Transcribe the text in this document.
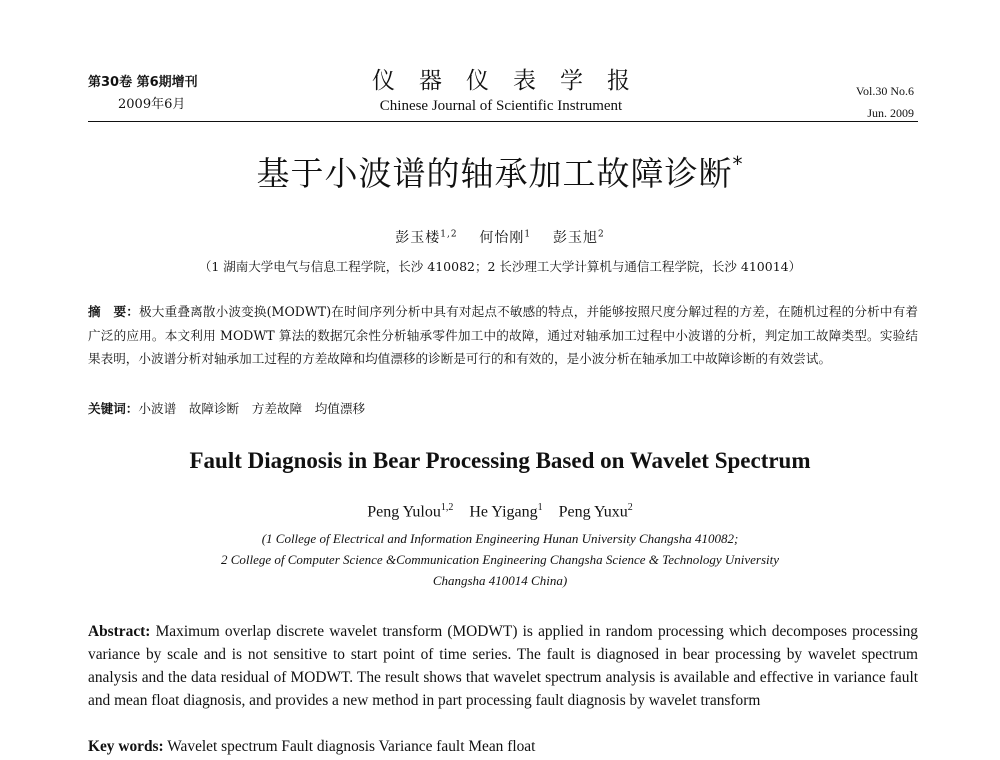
第30卷 第6期增刊
2009年6月
仪器仪表学报
Chinese Journal of Scientific Instrument
Vol.30 No.6
Jun. 2009
基于小波谱的轴承加工故障诊断*
彭玉楼$^{1,2}$ 何怡刚$^1$ 彭玉旭$^2$
（1 湖南大学电气与信息工程学院，长沙 410082；2 长沙理工大学计算机与通信工程学院，长沙 410014）
摘　要：极大重叠离散小波变换(MODWT)在时间序列分析中具有对起点不敏感的特点，并能够按照尺度分解过程的方差，在随机过程的分析中有着广泛的应用。本文利用 MODWT 算法的数据冗余性分析轴承零件加工中的故障，通过对轴承加工过程中小波谱的分析，判定加工故障类型。实验结果表明，小波谱分析对轴承加工过程的方差故障和均值漂移的诊断是可行的和有效的，是小波分析在轴承加工中故障诊断的有效尝试。
关键词：小波谱　故障诊断　方差故障　均值漂移
Fault Diagnosis in Bear Processing Based on Wavelet Spectrum
Peng Yulou$^{1,2}$ He Yigang$^1$ Peng Yuxu$^2$
(1 College of Electrical and Information Engineering Hunan University Changsha 410082;
2 College of Computer Science &Communication Engineering Changsha Science & Technology University
Changsha 410014 China)
Abstract: Maximum overlap discrete wavelet transform (MODWT) is applied in random processing which decomposes processing variance by scale and is not sensitive to start point of time series. The fault is diagnosed in bear processing by wavelet spectrum analysis and the data residual of MODWT. The result shows that wavelet spectrum analysis is available and effective in variance fault and mean float diagnosis, and provides a new method in part processing fault diagnosis by wavelet transform
Key words: Wavelet spectrum Fault diagnosis Variance fault Mean float
